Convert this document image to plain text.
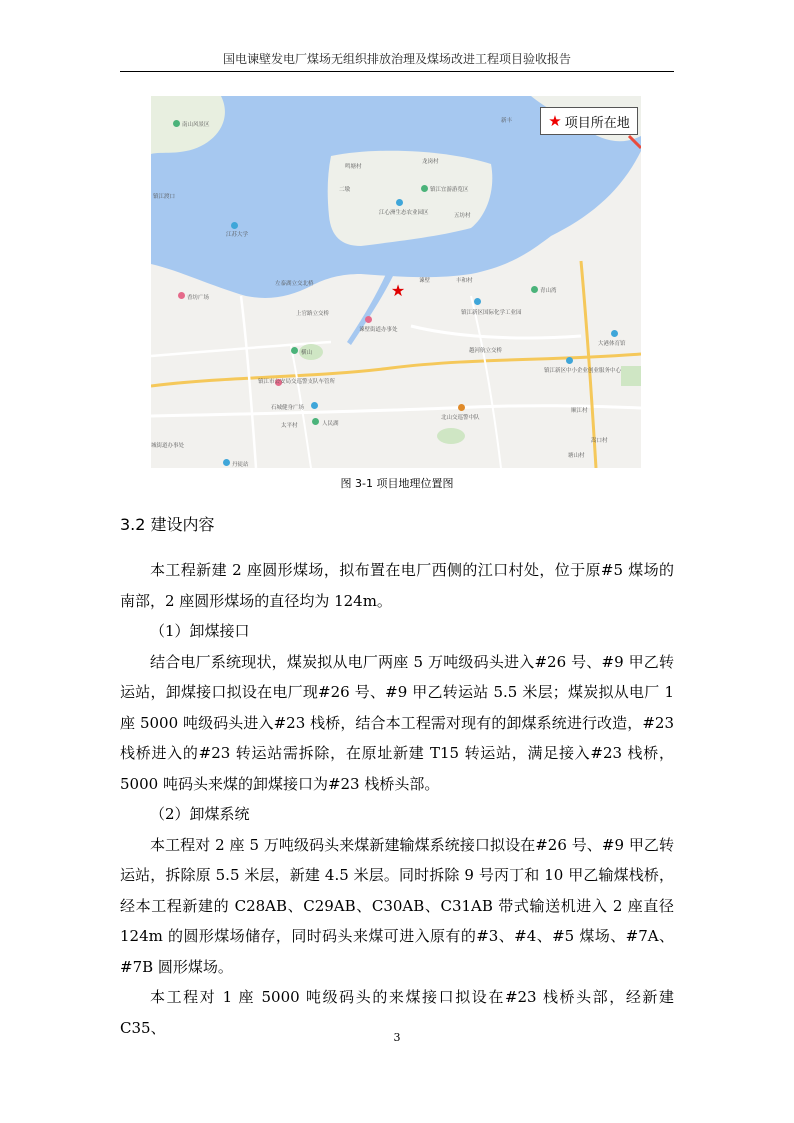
国电谏壁发电厂煤场无组织排放治理及煤场改进工程项目验收报告
★
★ 项目所在地
南山风景区
镇江渡口
江苏大学
镇江宜游游览区
江心洲生态农业园区	五坊村
左泰湖立交北桥	丰和村
香坊广场
上官路立交桥
青山湾
镇江新区国际化学工业园
谏壁街道办事处
横山	越河航立交桥
大港体育馆
镇江市公安局交巡警支队车管所
镇江新区中小企业创业服务中心
石城健身广场
人民湖
北山交巡警中队
城街道办事处
丹徒站
塘山村
二墩
龙岗村
鸣塘村
太平村
顺江村
嵩口村
新丰
谏壁
图 3-1 项目地理位置图
3.2 建设内容

本工程新建 2 座圆形煤场，拟布置在电厂西侧的江口村处，位于原#5 煤场的南部，2 座圆形煤场的直径均为 124m。

（1）卸煤接口

结合电厂系统现状，煤炭拟从电厂两座 5 万吨级码头进入#26 号、#9 甲乙转运站，卸煤接口拟设在电厂现#26 号、#9 甲乙转运站 5.5 米层；煤炭拟从电厂 1 座 5000 吨级码头进入#23 栈桥，结合本工程需对现有的卸煤系统进行改造，#23 栈桥进入的#23 转运站需拆除，在原址新建 T15 转运站，满足接入#23 栈桥，5000 吨码头来煤的卸煤接口为#23 栈桥头部。

（2）卸煤系统

本工程对 2 座 5 万吨级码头来煤新建输煤系统接口拟设在#26 号、#9 甲乙转运站，拆除原 5.5 米层，新建 4.5 米层。同时拆除 9 号丙丁和 10 甲乙输煤栈桥，经本工程新建的 C28AB、C29AB、C30AB、C31AB 带式输送机进入 2 座直径 124m 的圆形煤场储存，同时码头来煤可进入原有的#3、#4、#5 煤场、#7A、#7B 圆形煤场。

本工程对 1 座 5000 吨级码头的来煤接口拟设在#23 栈桥头部，经新建 C35、

3
